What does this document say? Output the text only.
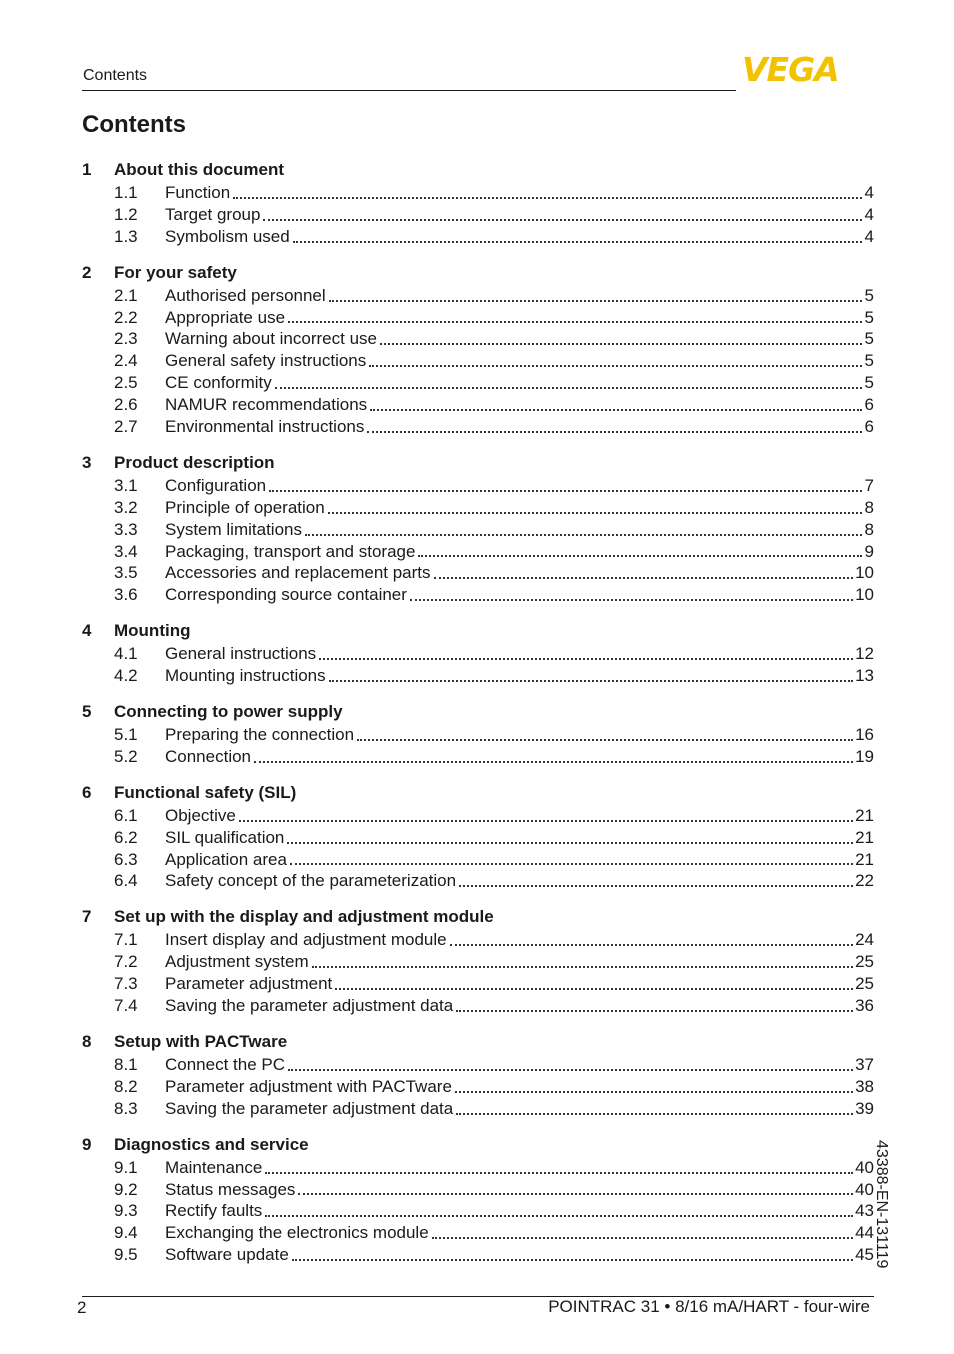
Contents	VEGA
Contents
1	About this document
1.1	Function	4
1.2	Target group	4
1.3	Symbolism used	4
2	For your safety
2.1	Authorised personnel	5
2.2	Appropriate use	5
2.3	Warning about incorrect use	5
2.4	General safety instructions	5
2.5	CE conformity	5
2.6	NAMUR recommendations	6
2.7	Environmental instructions	6
3	Product description
3.1	Configuration	7
3.2	Principle of operation	8
3.3	System limitations	8
3.4	Packaging, transport and storage	9
3.5	Accessories and replacement parts	10
3.6	Corresponding source container	10
4	Mounting
4.1	General instructions	12
4.2	Mounting instructions	13
5	Connecting to power supply
5.1	Preparing the connection	16
5.2	Connection	19
6	Functional safety (SIL)
6.1	Objective	21
6.2	SIL qualification	21
6.3	Application area	21
6.4	Safety concept of the parameterization	22
7	Set up with the display and adjustment module
7.1	Insert display and adjustment module	24
7.2	Adjustment system	25
7.3	Parameter adjustment	25
7.4	Saving the parameter adjustment data	36
8	Setup with PACTware
8.1	Connect the PC	37
8.2	Parameter adjustment with PACTware	38
8.3	Saving the parameter adjustment data	39
9	Diagnostics and service
9.1	Maintenance	40
9.2	Status messages	40
9.3	Rectify faults	43
9.4	Exchanging the electronics module	44
9.5	Software update	45 43388-EN-131119
2	POINTRAC 31 • 8/16 mA/HART - four-wire
